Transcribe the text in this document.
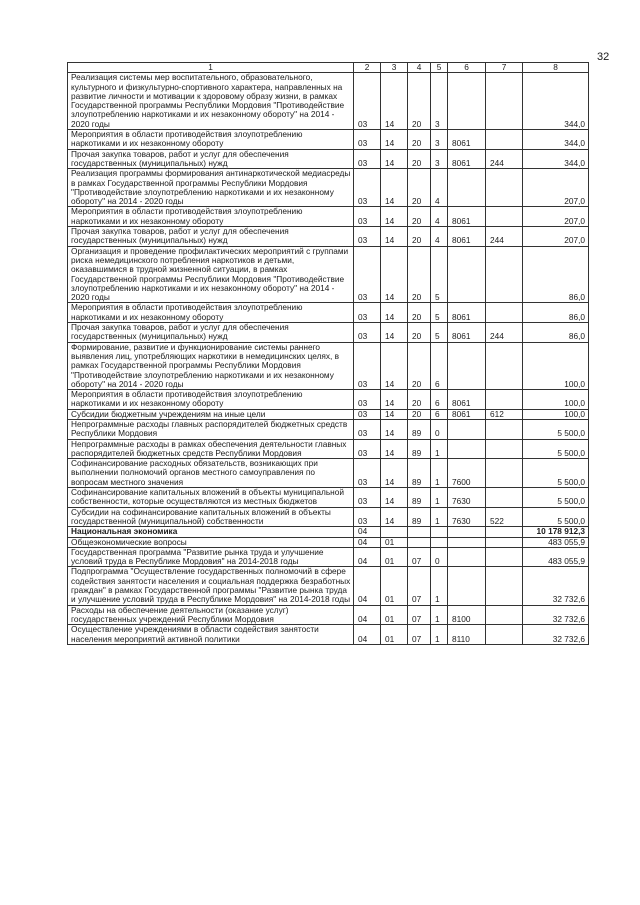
32
1	2	3	4	5	6	7	8
Реализация системы мер воспитательного, образовательного, культурного и физкультурно-спортивного характера, направленных на развитие личности и мотивации к здоровому образу жизни, в рамках Государственной программы Республики Мордовия "Противодействие злоупотреблению наркотиками и их незаконному обороту" на 2014 - 2020 годы	03	14	20	3			344,0
Мероприятия в области противодействия злоупотреблению наркотиками и их незаконному обороту	03	14	20	3	8061		344,0
Прочая закупка товаров, работ и услуг для обеспечения государственных (муниципальных) нужд	03	14	20	3	8061	244	344,0
Реализация программы формирования антинаркотической медиасреды в рамках Государственной программы Республики Мордовия "Противодействие злоупотреблению наркотиками и их незаконному обороту" на 2014 - 2020 годы	03	14	20	4			207,0
Мероприятия в области противодействия злоупотреблению наркотиками и их незаконному обороту	03	14	20	4	8061		207,0
Прочая закупка товаров, работ и услуг для обеспечения государственных (муниципальных) нужд	03	14	20	4	8061	244	207,0
Организация и проведение профилактических мероприятий с группами риска немедицинского потребления наркотиков и детьми, оказавшимися в трудной жизненной ситуации, в рамках Государственной программы Республики Мордовия "Противодействие злоупотреблению наркотиками и их незаконному обороту" на 2014 - 2020 годы	03	14	20	5			86,0
Мероприятия в области противодействия злоупотреблению наркотиками и их незаконному обороту	03	14	20	5	8061		86,0
Прочая закупка товаров, работ и услуг для обеспечения государственных (муниципальных) нужд	03	14	20	5	8061	244	86,0
Формирование, развитие и функционирование системы раннего выявления лиц, употребляющих наркотики в немедицинских целях, в рамках Государственной программы Республики Мордовия "Противодействие злоупотреблению наркотиками и их незаконному обороту" на 2014 - 2020 годы	03	14	20	6			100,0
Мероприятия в области противодействия злоупотреблению наркотиками и их незаконному обороту	03	14	20	6	8061		100,0
Субсидии бюджетным учреждениям на иные цели	03	14	20	6	8061	612	100,0
Непрограммные расходы главных распорядителей бюджетных средств Республики Мордовия	03	14	89	0			5 500,0
Непрограммные расходы в рамках обеспечения деятельности главных распорядителей бюджетных средств Республики Мордовия	03	14	89	1			5 500,0
Софинансирование расходных обязательств, возникающих при выполнении полномочий органов местного самоуправления по вопросам местного значения	03	14	89	1	7600		5 500,0
Софинансирование капитальных вложений в объекты муниципальной собственности, которые осуществляются из местных бюджетов	03	14	89	1	7630		5 500,0
Субсидии на софинансирование капитальных вложений в объекты государственной (муниципальной) собственности	03	14	89	1	7630	522	5 500,0
Национальная экономика	04						10 178 912,3
Общеэкономические вопросы	04	01					483 055,9
Государственная программа "Развитие рынка труда и улучшение условий труда в Республике Мордовия" на 2014-2018 годы	04	01	07	0			483 055,9
Подпрограмма "Осуществление государственных полномочий в сфере содействия занятости населения и социальная поддержка безработных граждан" в рамках Государственной программы "Развитие рынка труда и улучшение условий труда в Республике Мордовия" на 2014-2018 годы	04	01	07	1			32 732,6
Расходы на обеспечение деятельности (оказание услуг) государственных учреждений Республики Мордовия	04	01	07	1	8100		32 732,6
Осуществление учреждениями в области содействия занятости населения мероприятий активной политики	04	01	07	1	8110		32 732,6
